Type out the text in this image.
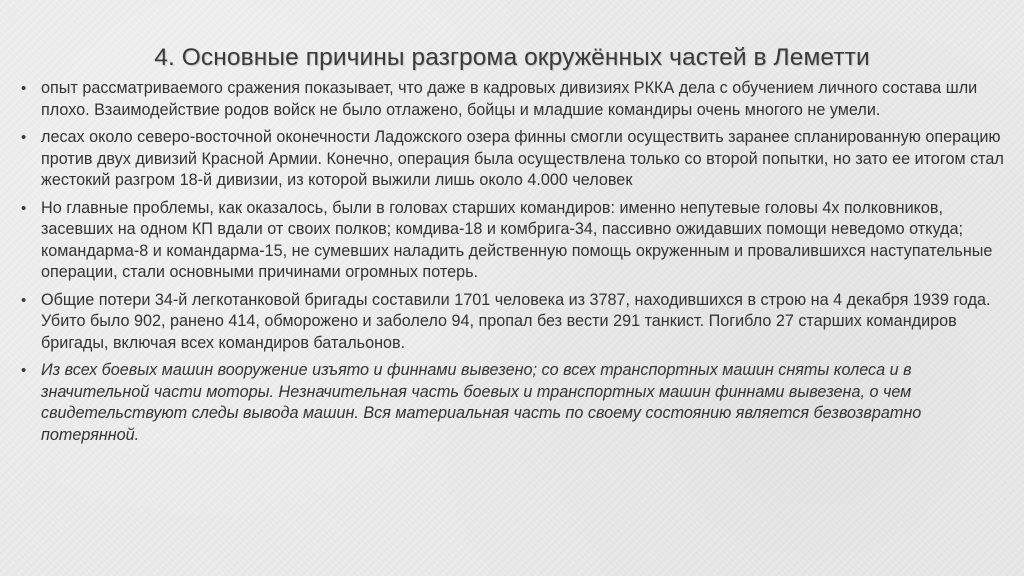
4. Основные причины разгрома окружённых частей в Леметти
• опыт рассматриваемого сражения показывает, что даже в кадровых дивизиях РККА дела с обучением личного состава шли плохо. Взаимодействие родов войск не было отлажено, бойцы и младшие командиры очень многого не умели.
• лесах около северо-восточной оконечности Ладожского озера финны смогли осуществить заранее спланированную операцию против двух дивизий Красной Армии. Конечно, операция была осуществлена только со второй попытки, но зато ее итогом стал жестокий разгром 18-й дивизии, из которой выжили лишь около 4.000 человек
• Но главные проблемы, как оказалось, были в головах старших командиров: именно непутевые головы 4х полковников, засевших на одном КП вдали от своих полков; комдива-18 и комбрига-34, пассивно ожидавших помощи неведомо откуда; командарма-8 и командарма-15, не сумевших наладить действенную помощь окруженным и провалившихся наступательные операции, стали основными причинами огромных потерь.
• Общие потери 34-й легкотанковой бригады составили 1701 человека из 3787, находившихся в строю на 4 декабря 1939 года. Убито было 902, ранено 414, обморожено и заболело 94, пропал без вести 291 танкист. Погибло 27 старших командиров бригады, включая всех командиров батальонов.
• Из всех боевых машин вооружение изъято и финнами вывезено; со всех транспортных машин сняты колеса и в значительной части моторы. Незначительная часть боевых и транспортных машин финнами вывезена, о чем свидетельствуют следы вывода машин. Вся материальная часть по своему состоянию является безвозвратно потерянной.
